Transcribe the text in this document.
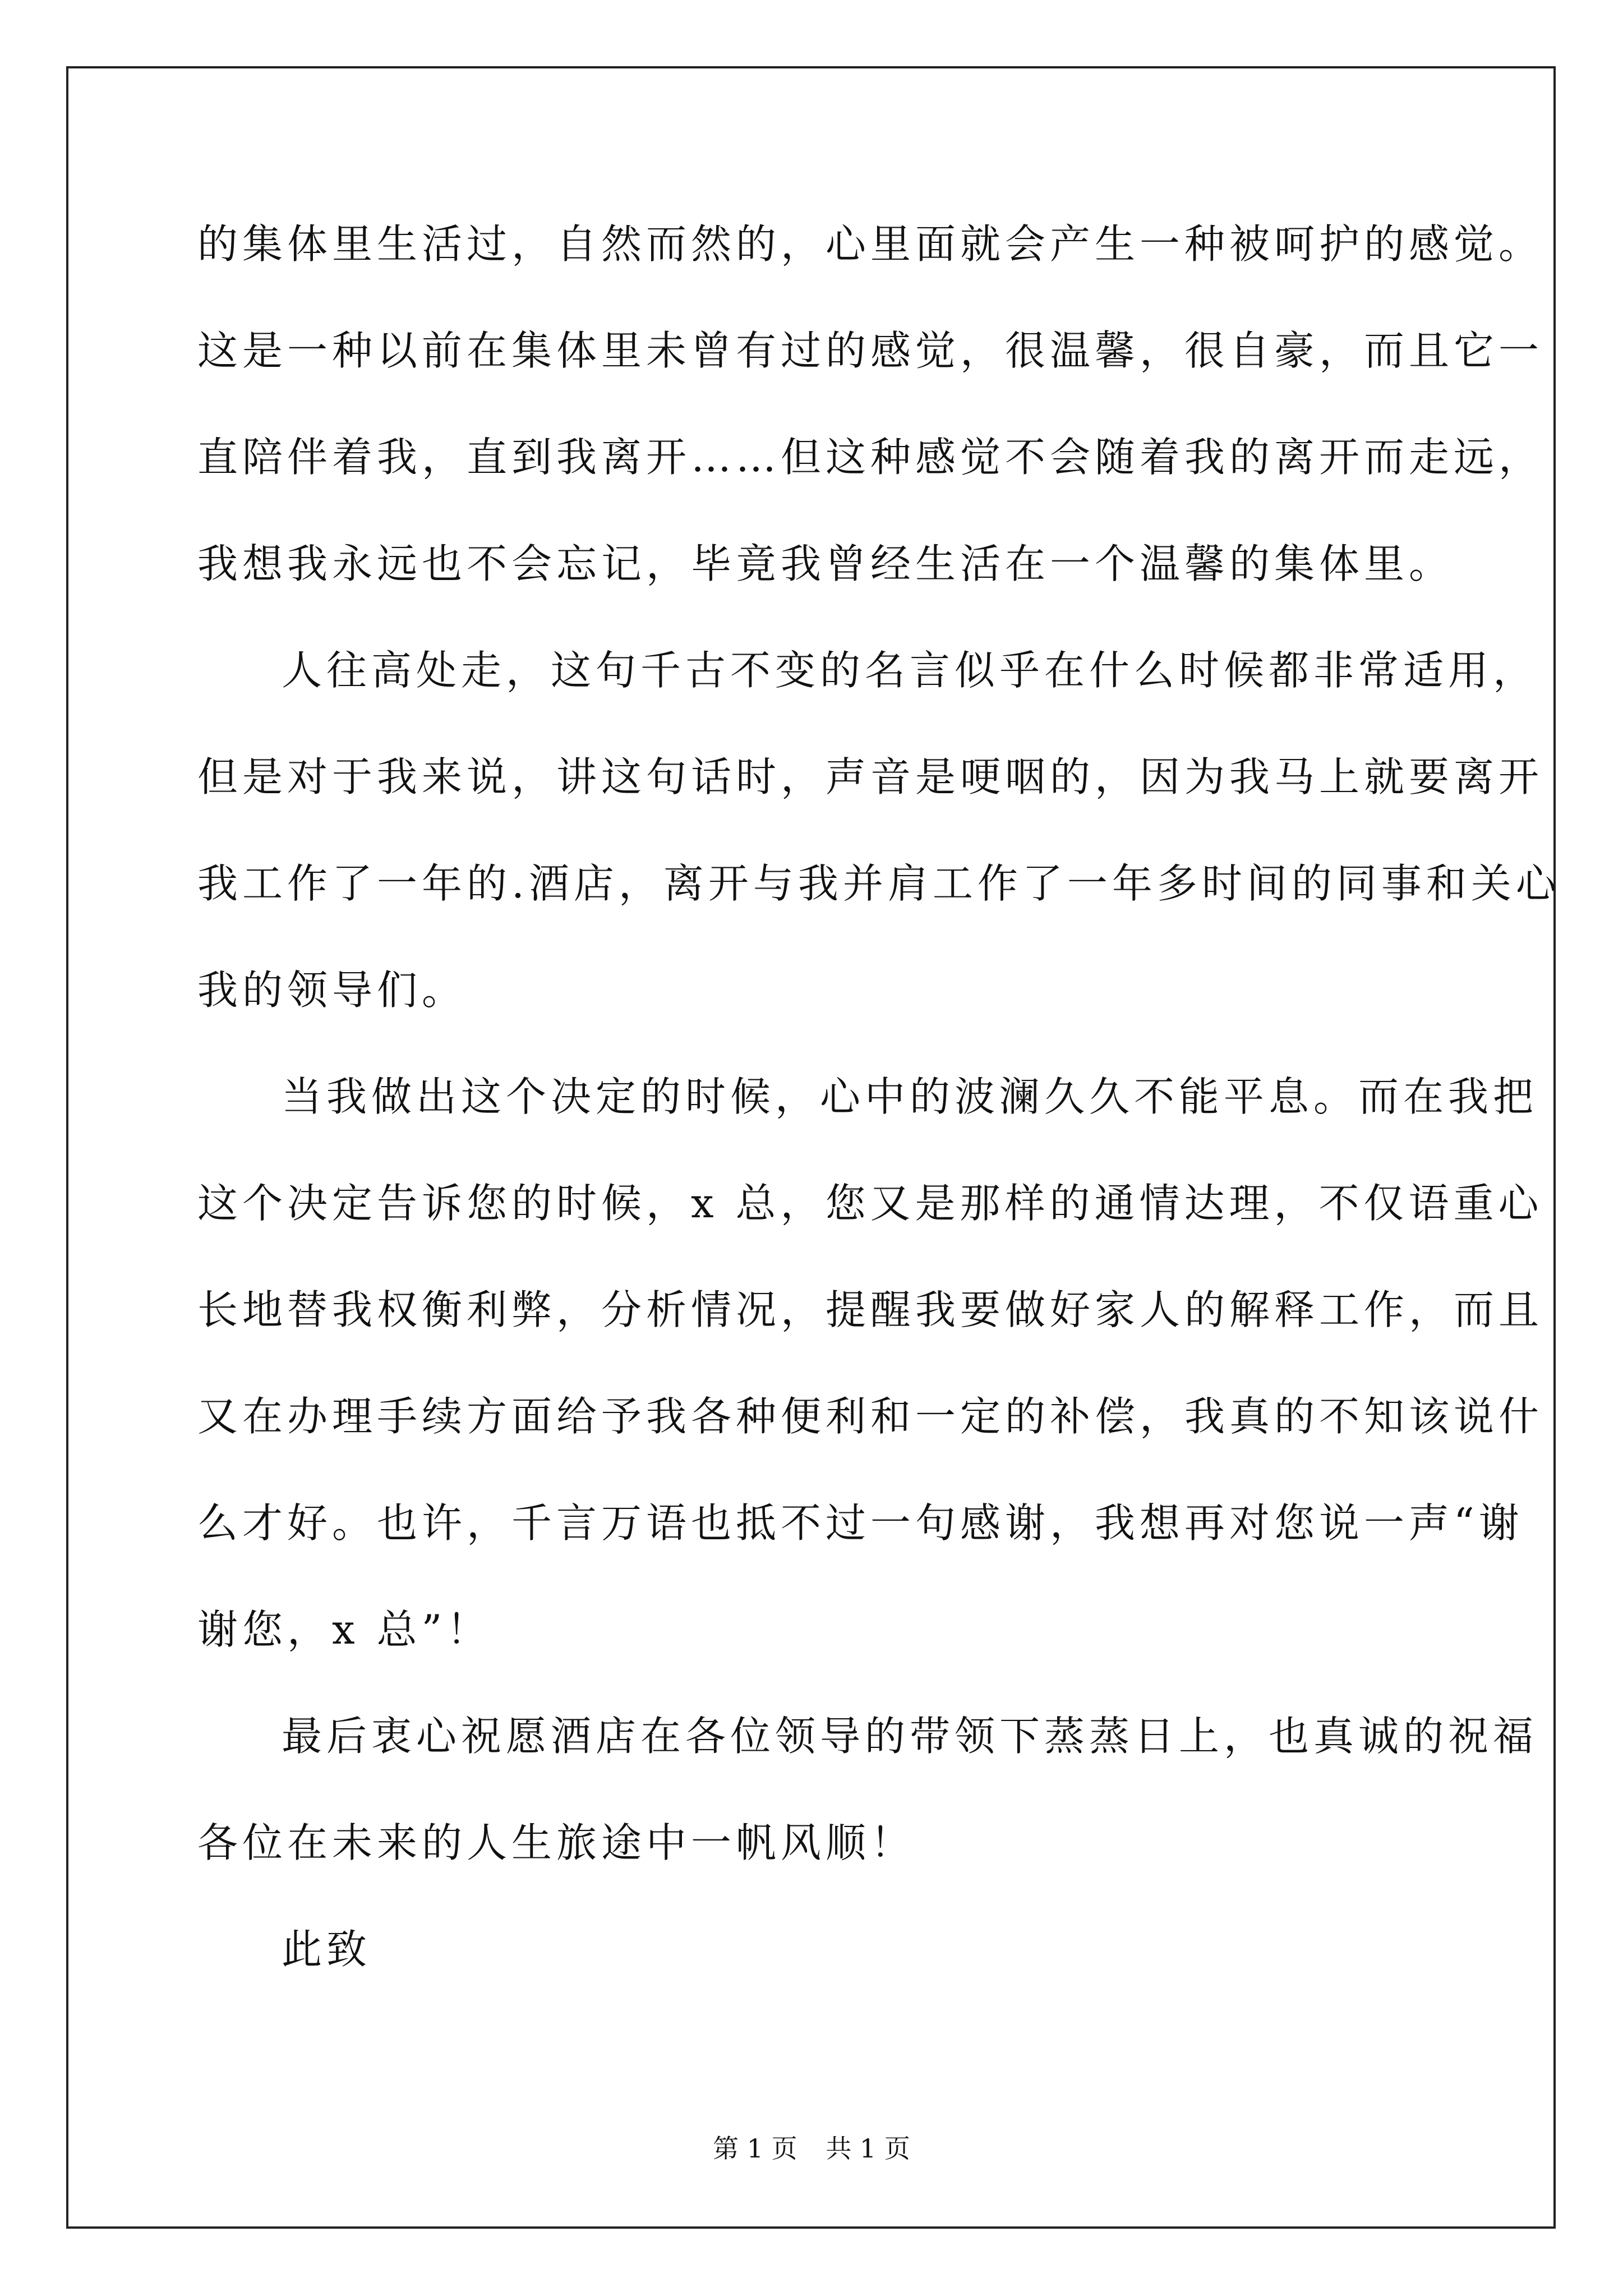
的集体里生活过，自然而然的，心里面就会产生一种被呵护的感觉。
这是一种以前在集体里未曾有过的感觉，很温馨，很自豪，而且它一
直陪伴着我，直到我离开……但这种感觉不会随着我的离开而走远，
我想我永远也不会忘记，毕竟我曾经生活在一个温馨的集体里。
人往高处走，这句千古不变的名言似乎在什么时候都非常适用，
但是对于我来说，讲这句话时，声音是哽咽的，因为我马上就要离开
我工作了一年的.酒店，离开与我并肩工作了一年多时间的同事和关心
我的领导们。
当我做出这个决定的时候，心中的波澜久久不能平息。而在我把
这个决定告诉您的时候，x 总，您又是那样的通情达理，不仅语重心
长地替我权衡利弊，分析情况，提醒我要做好家人的解释工作，而且
又在办理手续方面给予我各种便利和一定的补偿，我真的不知该说什
么才好。也许，千言万语也抵不过一句感谢，我想再对您说一声“谢
谢您，x 总”！
最后衷心祝愿酒店在各位领导的带领下蒸蒸日上，也真诚的祝福
各位在未来的人生旅途中一帆风顺！
此致
第 1 页 共 1 页
